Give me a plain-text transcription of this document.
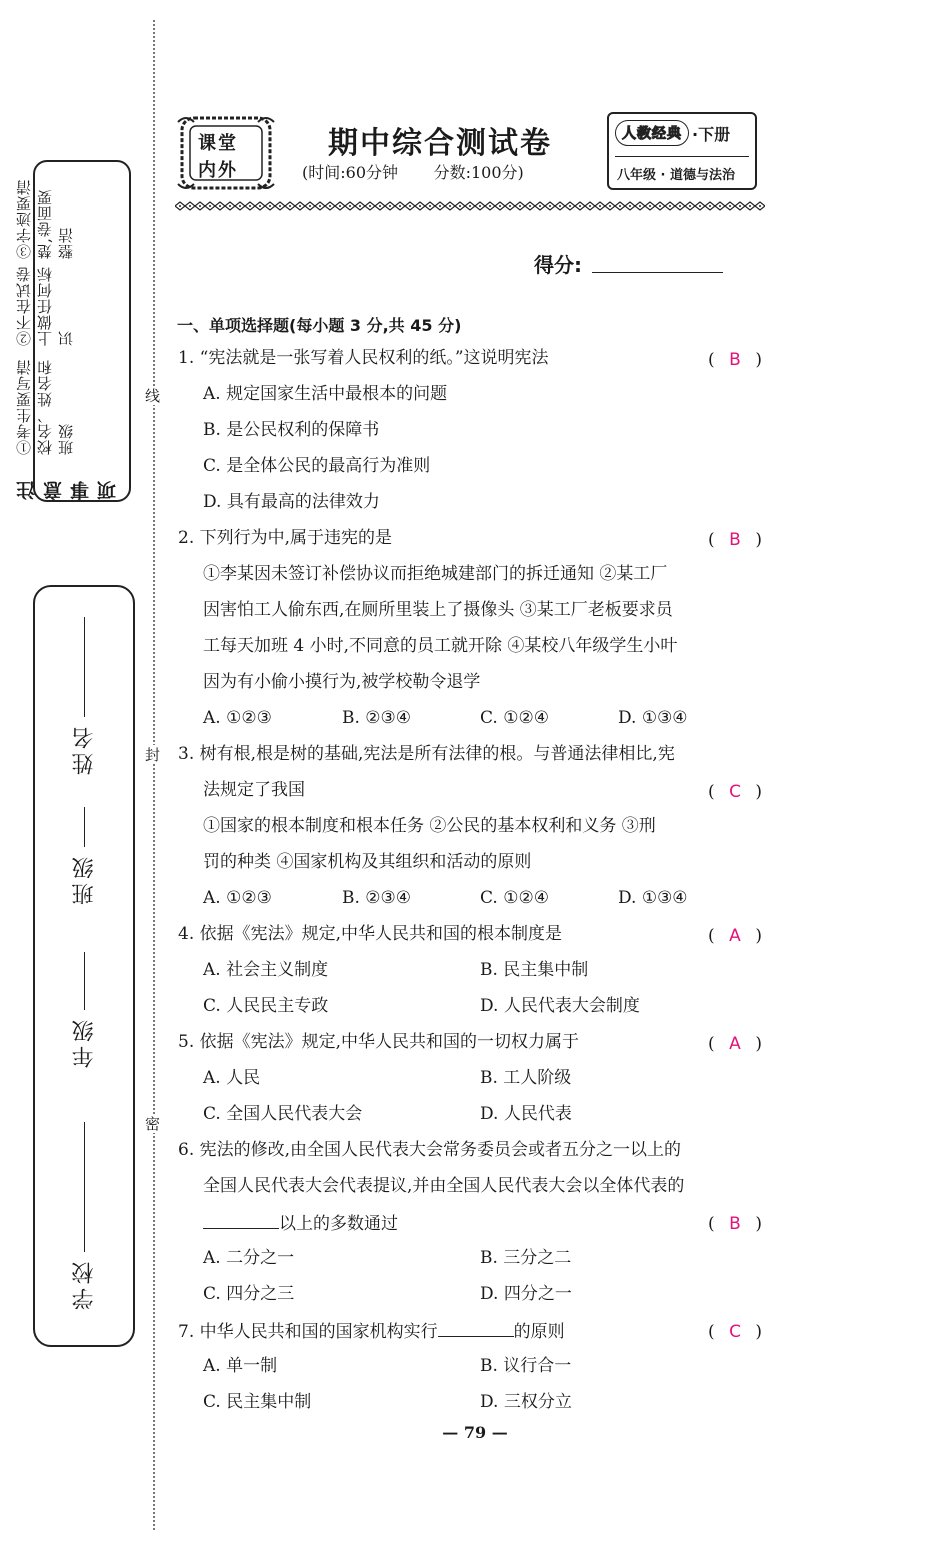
线
封
密
注意事项
①考生要写清校名、姓名和班级
②不在试卷上做任何标识
③字迹要清楚,卷面要整洁
姓名
班级
年级
学校
课堂
内外
期中综合测试卷
(时间:60分钟       分数:100分)
人教经典 ·下册
八年级 · 道德与法治
得分:
一、单项选择题(每小题 3 分,共 45 分)
1. “宪法就是一张写着人民权利的纸。”这说明宪法	( B )
A. 规定国家生活中最根本的问题
B. 是公民权利的保障书
C. 是全体公民的最高行为准则
D. 具有最高的法律效力
2. 下列行为中,属于违宪的是	( B )
①李某因未签订补偿协议而拒绝城建部门的拆迁通知 ②某工厂
因害怕工人偷东西,在厕所里装上了摄像头 ③某工厂老板要求员
工每天加班 4 小时,不同意的员工就开除 ④某校八年级学生小叶
因为有小偷小摸行为,被学校勒令退学
A. ①②③	B. ②③④	C. ①②④	D. ①③④
3. 树有根,根是树的基础,宪法是所有法律的根。与普通法律相比,宪
法规定了我国	( C )
①国家的根本制度和根本任务 ②公民的基本权利和义务 ③刑
罚的种类 ④国家机构及其组织和活动的原则
A. ①②③	B. ②③④	C. ①②④	D. ①③④
4. 依据《宪法》规定,中华人民共和国的根本制度是	( A )
A. 社会主义制度	B. 民主集中制
C. 人民民主专政	D. 人民代表大会制度
5. 依据《宪法》规定,中华人民共和国的一切权力属于	( A )
A. 人民	B. 工人阶级
C. 全国人民代表大会	D. 人民代表
6. 宪法的修改,由全国人民代表大会常务委员会或者五分之一以上的
全国人民代表大会代表提议,并由全国人民代表大会以全体代表的
以上的多数通过	( B )
A. 二分之一	B. 三分之二
C. 四分之三	D. 四分之一
7. 中华人民共和国的国家机构实行	的原则	( C )
A. 单一制	B. 议行合一
C. 民主集中制	D. 三权分立
— 79 —
